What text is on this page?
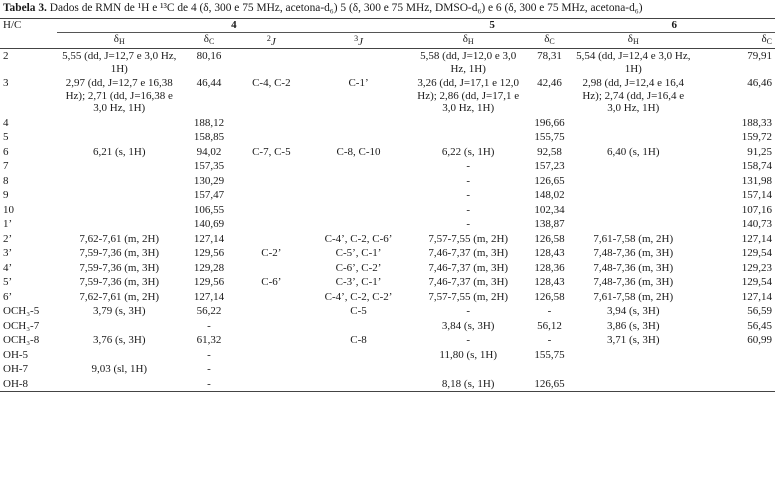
Tabela 3. Dados de RMN de ¹H e ¹³C de 4 (δ, 300 e 75 MHz, acetona-d₆) 5 (δ, 300 e 75 MHz, DMSO-d₆) e 6 (δ, 300 e 75 MHz, acetona-d₆)
H/C	4				5		6	
	$\delta_H$	$\delta_C$	$^2$J	$^3$J	$\delta_H$	$\delta_C$	$\delta_H$	$\delta_C$
2	5,55 (dd, J=12,7 e 3,0 Hz, 1H)	80,16			5,58 (dd, J=12,0 e 3,0 Hz, 1H)	78,31	5,54 (dd, J=12,4 e 3,0 Hz, 1H)	79,91
3	2,97 (dd, J=12,7 e 16,38 Hz); 2,71 (dd, J=16,38 e 3,0 Hz, 1H)	46,44	C-4, C-2	C-1’	3,26 (dd, J=17,1 e 12,0 Hz); 2,86 (dd, J=17,1 e 3,0 Hz, 1H)	42,46	2,98 (dd, J=12,4 e 16,4 Hz); 2,74 (dd, J=16,4 e 3,0 Hz, 1H)	46,46
4		188,12				196,66		188,33
5		158,85				155,75		159,72
6	6,21 (s, 1H)	94,02	C-7, C-5	C-8, C-10	6,22 (s, 1H)	92,58	6,40 (s, 1H)	91,25
7		157,35			-	157,23		158,74
8		130,29			-	126,65		131,98
9		157,47			-	148,02		157,14
10		106,55			-	102,34		107,16
1’		140,69			-	138,87		140,73
2’	7,62-7,61 (m, 2H)	127,14		C-4’, C-2, C-6’	7,57-7,55 (m, 2H)	126,58	7,61-7,58 (m, 2H)	127,14
3’	7,59-7,36 (m, 3H)	129,56	C-2’	C-5’, C-1’	7,46-7,37 (m, 3H)	128,43	7,48-7,36 (m, 3H)	129,54
4’	7,59-7,36 (m, 3H)	129,28		C-6’, C-2’	7,46-7,37 (m, 3H)	128,36	7,48-7,36 (m, 3H)	129,23
5’	7,59-7,36 (m, 3H)	129,56	C-6’	C-3’, C-1’	7,46-7,37 (m, 3H)	128,43	7,48-7,36 (m, 3H)	129,54
6’	7,62-7,61 (m, 2H)	127,14		C-4’, C-2, C-2’	7,57-7,55 (m, 2H)	126,58	7,61-7,58 (m, 2H)	127,14
OCH₃-5	3,79 (s, 3H)	56,22		C-5	-	-	3,94 (s, 3H)	56,59
OCH₃-7		-			3,84 (s, 3H)	56,12	3,86 (s, 3H)	56,45
OCH₃-8	3,76 (s, 3H)	61,32		C-8	-	-	3,71 (s, 3H)	60,99
OH-5		-			11,80 (s, 1H)	155,75		
OH-7	9,03 (sl, 1H)	-						
OH-8		-			8,18 (s, 1H)	126,65		
